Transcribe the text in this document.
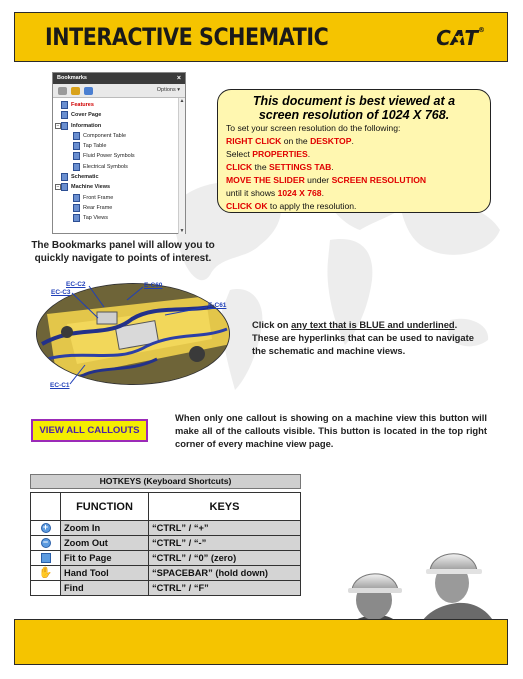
INTERACTIVE SCHEMATIC	CAT®
Bookmarks	×
Options ▾
Features
Cover Page
− Information
Component Table
Tap Table
Fluid Power Symbols
Electrical Symbols
Schematic
− Machine Views
Front Frame
Rear Frame
Tap Views
▲
▼
The Bookmarks panel will allow you to quickly navigate to points of interest.
This document is best viewed at a
screen resolution of 1024 X 768.
To set your screen resolution do the following:
RIGHT CLICK on the DESKTOP.
Select PROPERTIES.
CLICK the SETTINGS TAB.
MOVE THE SLIDER under SCREEN RESOLUTION
until it shows 1024 X 768.
CLICK OK to apply the resolution.
EC-C2
EC-C3
E-C60
E-C61
EC-C1
Click on any text that is BLUE and underlined. These are hyperlinks that can be used to navigate the schematic and machine views.
VIEW ALL CALLOUTS
When only one callout is showing on a machine view this button will make all of the callouts visible. This button is located in the top right corner of every machine view page.
HOTKEYS (Keyboard Shortcuts)
	FUNCTION	KEYS

+	Zoom In	“CTRL” / “+”

−	Zoom Out	“CTRL” / “-”
	Fit to Page	“CTRL” / “0” (zero)
✋	Hand Tool	“SPACEBAR” (hold down)
	Find	“CTRL” / “F”
